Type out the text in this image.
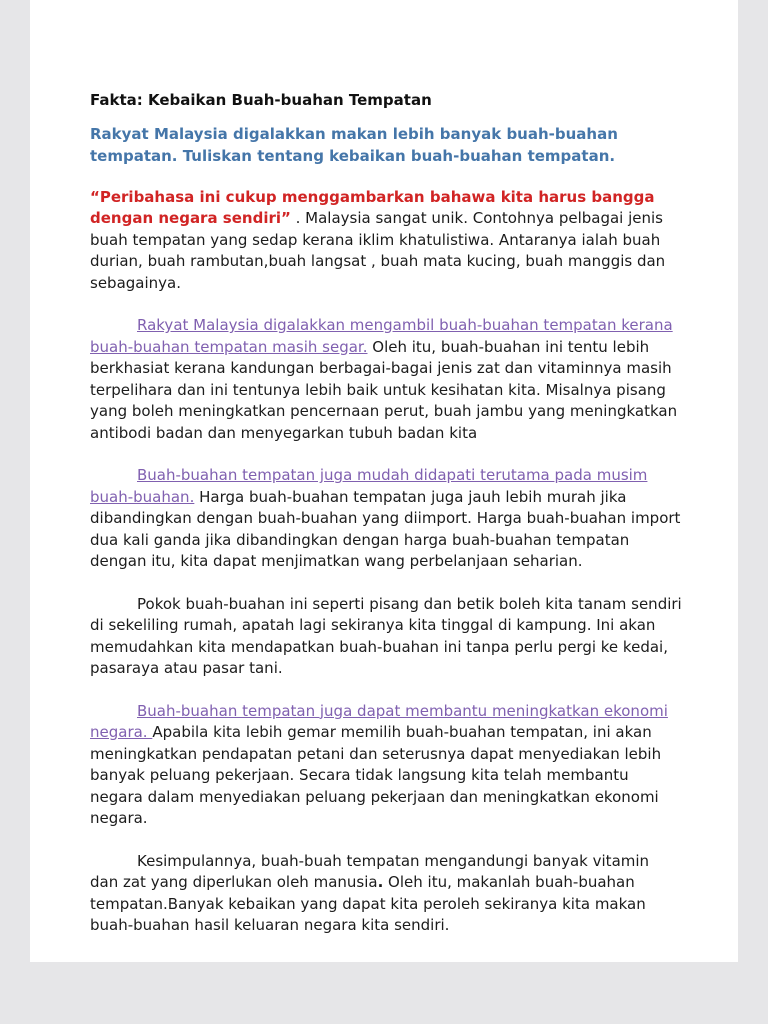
Fakta: Kebaikan Buah-buahan Tempatan
Rakyat Malaysia digalakkan makan lebih banyak buah-buahan tempatan. Tuliskan tentang kebaikan buah-buahan tempatan.

“Peribahasa ini cukup menggambarkan bahawa kita harus bangga dengan negara sendiri” . Malaysia sangat unik. Contohnya pelbagai jenis buah tempatan yang sedap kerana iklim khatulistiwa. Antaranya ialah buah durian, buah rambutan,buah langsat , buah mata kucing, buah manggis dan sebagainya.

Rakyat Malaysia digalakkan mengambil buah-buahan tempatan kerana buah-buahan tempatan masih segar. Oleh itu, buah-buahan ini tentu lebih berkhasiat kerana kandungan berbagai-bagai jenis zat dan vitaminnya masih terpelihara dan ini tentunya lebih baik untuk kesihatan kita. Misalnya pisang yang boleh meningkatkan pencernaan perut, buah jambu yang meningkatkan antibodi badan dan menyegarkan tubuh badan kita

Buah-buahan tempatan juga mudah didapati terutama pada musim buah-buahan. Harga buah-buahan tempatan juga jauh lebih murah jika dibandingkan dengan buah-buahan yang diimport. Harga buah-buahan import dua kali ganda jika dibandingkan dengan harga buah-buahan tempatan dengan itu, kita dapat menjimatkan wang perbelanjaan seharian.

Pokok buah-buahan ini seperti pisang dan betik boleh kita tanam sendiri di sekeliling rumah, apatah lagi sekiranya kita tinggal di kampung. Ini akan memudahkan kita mendapatkan buah-buahan ini tanpa perlu pergi ke kedai, pasaraya atau pasar tani.

Buah-buahan tempatan juga dapat membantu meningkatkan ekonomi negara. Apabila kita lebih gemar memilih buah-buahan tempatan, ini akan meningkatkan pendapatan petani dan seterusnya dapat menyediakan lebih banyak peluang pekerjaan. Secara tidak langsung kita telah membantu negara dalam menyediakan peluang pekerjaan dan meningkatkan ekonomi negara.

Kesimpulannya, buah-buah tempatan mengandungi banyak vitamin dan zat yang diperlukan oleh manusia. Oleh itu, makanlah buah-buahan tempatan.Banyak kebaikan yang dapat kita peroleh sekiranya kita makan buah-buahan hasil keluaran negara kita sendiri.
